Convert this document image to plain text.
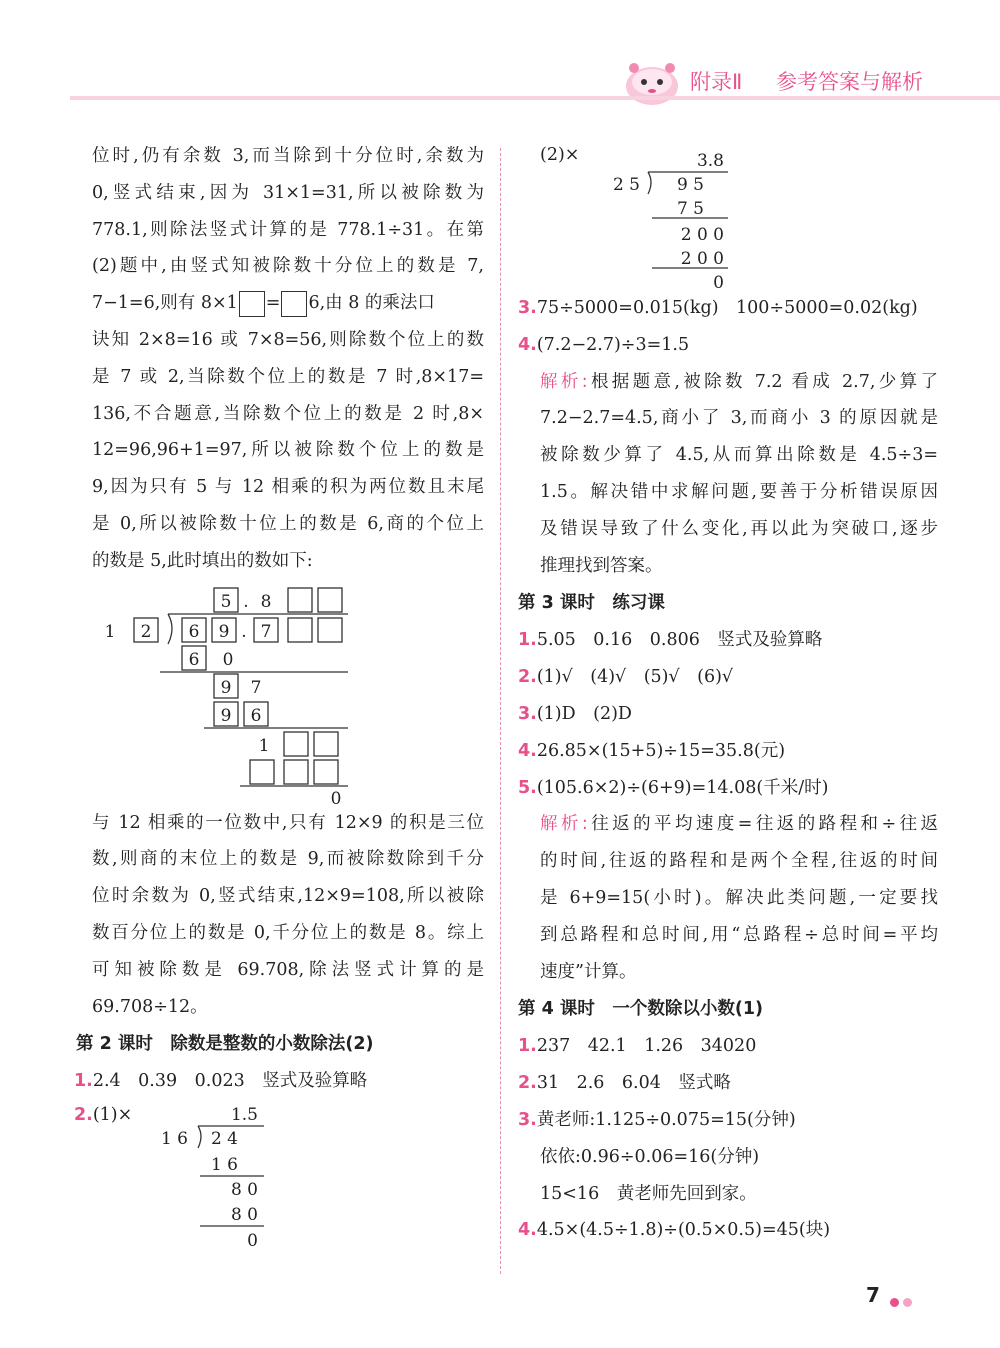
附录Ⅱ 参考答案与解析

位时,仍有余数 3,而当除到十分位时,余数为

0,竖式结束,因为 31×1=31,所以被除数为

778.1,则除法竖式计算的是 778.1÷31。在第

(2)题中,由竖式知被除数十分位上的数是 7,

7−1=6,则有 8×1 = 6,由 8 的乘法口

诀知 2×8=16 或 7×8=56,则除数个位上的数

是 7 或 2,当除数个位上的数是 7 时,8×17=

136,不合题意,当除数个位上的数是 2 时,8×

12=96,96+1=97,所以被除数个位上的数是

9,因为只有 5 与 12 相乘的积为两位数且末尾

是 0,所以被除数十位上的数是 6,商的个位上

的数是 5,此时填出的数如下:

5 . 8
1 2 6 9 . 7
6 0
9 7
9 6
1
0

与 12 相乘的一位数中,只有 12×9 的积是三位

数,则商的末位上的数是 9,而被除数除到千分

位时余数为 0,竖式结束,12×9=108,所以被除

数百分位上的数是 0,千分位上的数是 8。综上

可知被除数是 69.708,除法竖式计算的是

69.708÷12。

第 2 课时　除数是整数的小数除法(2)

1.2.4　0.39　0.023　竖式及验算略

2.(1)×	1.5
1 6 2 4
1 6
8 0
8 0
0

(2)×	3.8
2 5 9 5
7 5
2 0 0
2 0 0
0

3.75÷5000=0.015(kg)　100÷5000=0.02(kg)

4.(7.2−2.7)÷3=1.5

解析:根据题意,被除数 7.2 看成 2.7,少算了

7.2−2.7=4.5,商小了 3,而商小 3 的原因就是

被除数少算了 4.5,从而算出除数是 4.5÷3=

1.5。解决错中求解问题,要善于分析错误原因

及错误导致了什么变化,再以此为突破口,逐步

推理找到答案。

第 3 课时　练习课

1.5.05　0.16　0.806　竖式及验算略

2.(1)√　(4)√　(5)√　(6)√

3.(1)D　(2)D

4.26.85×(15+5)÷15=35.8(元)

5.(105.6×2)÷(6+9)=14.08(千米/时)

解析:往返的平均速度=往返的路程和÷往返

的时间,往返的路程和是两个全程,往返的时间

是 6+9=15(小时)。解决此类问题,一定要找

到总路程和总时间,用“总路程÷总时间=平均

速度”计算。

第 4 课时　一个数除以小数(1)

1.237　42.1　1.26　34020

2.31　2.6　6.04　竖式略

3.黄老师:1.125÷0.075=15(分钟)

依依:0.96÷0.06=16(分钟)

15<16　黄老师先回到家。

4.4.5×(4.5÷1.8)÷(0.5×0.5)=45(块)

7
